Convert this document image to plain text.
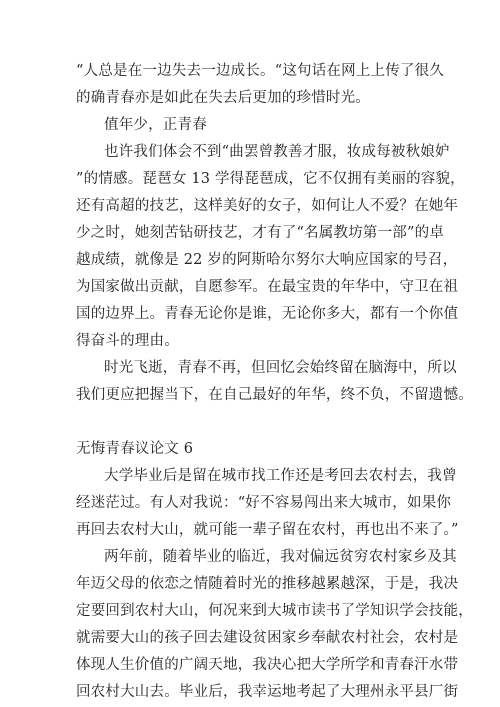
“人总是在一边失去一边成长。“这句话在网上上传了很久
的确青春亦是如此在失去后更加的珍惜时光。
值年少，正青春
也许我们体会不到“曲罢曾教善才服，妆成每被秋娘妒
”的情感。琵琶女 13 学得琵琶成，它不仅拥有美丽的容貌，
还有高超的技艺，这样美好的女子，如何让人不爱？在她年
少之时，她刻苦钻研技艺，才有了“名属教坊第一部”的卓
越成绩，就像是 22 岁的阿斯哈尔努尔大响应国家的号召，
为国家做出贡献，自愿参军。在最宝贵的年华中，守卫在祖
国的边界上。青春无论你是谁，无论你多大，都有一个你值
得奋斗的理由。
时光飞逝，青春不再，但回忆会始终留在脑海中，所以
我们更应把握当下，在自己最好的年华，终不负，不留遗憾。
无悔青春议论文 6
大学毕业后是留在城市找工作还是考回去农村去，我曾
经迷茫过。有人对我说：“好不容易闯出来大城市，如果你
再回去农村大山，就可能一辈子留在农村，再也出不来了。”
两年前，随着毕业的临近，我对偏远贫穷农村家乡及其
年迈父母的依恋之情随着时光的推移越累越深，于是，我决
定要回到农村大山，何况来到大城市读书了学知识学会技能，
就需要大山的孩子回去建设贫困家乡奉献农村社会，农村是
体现人生价值的广阔天地，我决心把大学所学和青春汗水带
回农村大山去。毕业后，我幸运地考起了大理州永平县厂街
